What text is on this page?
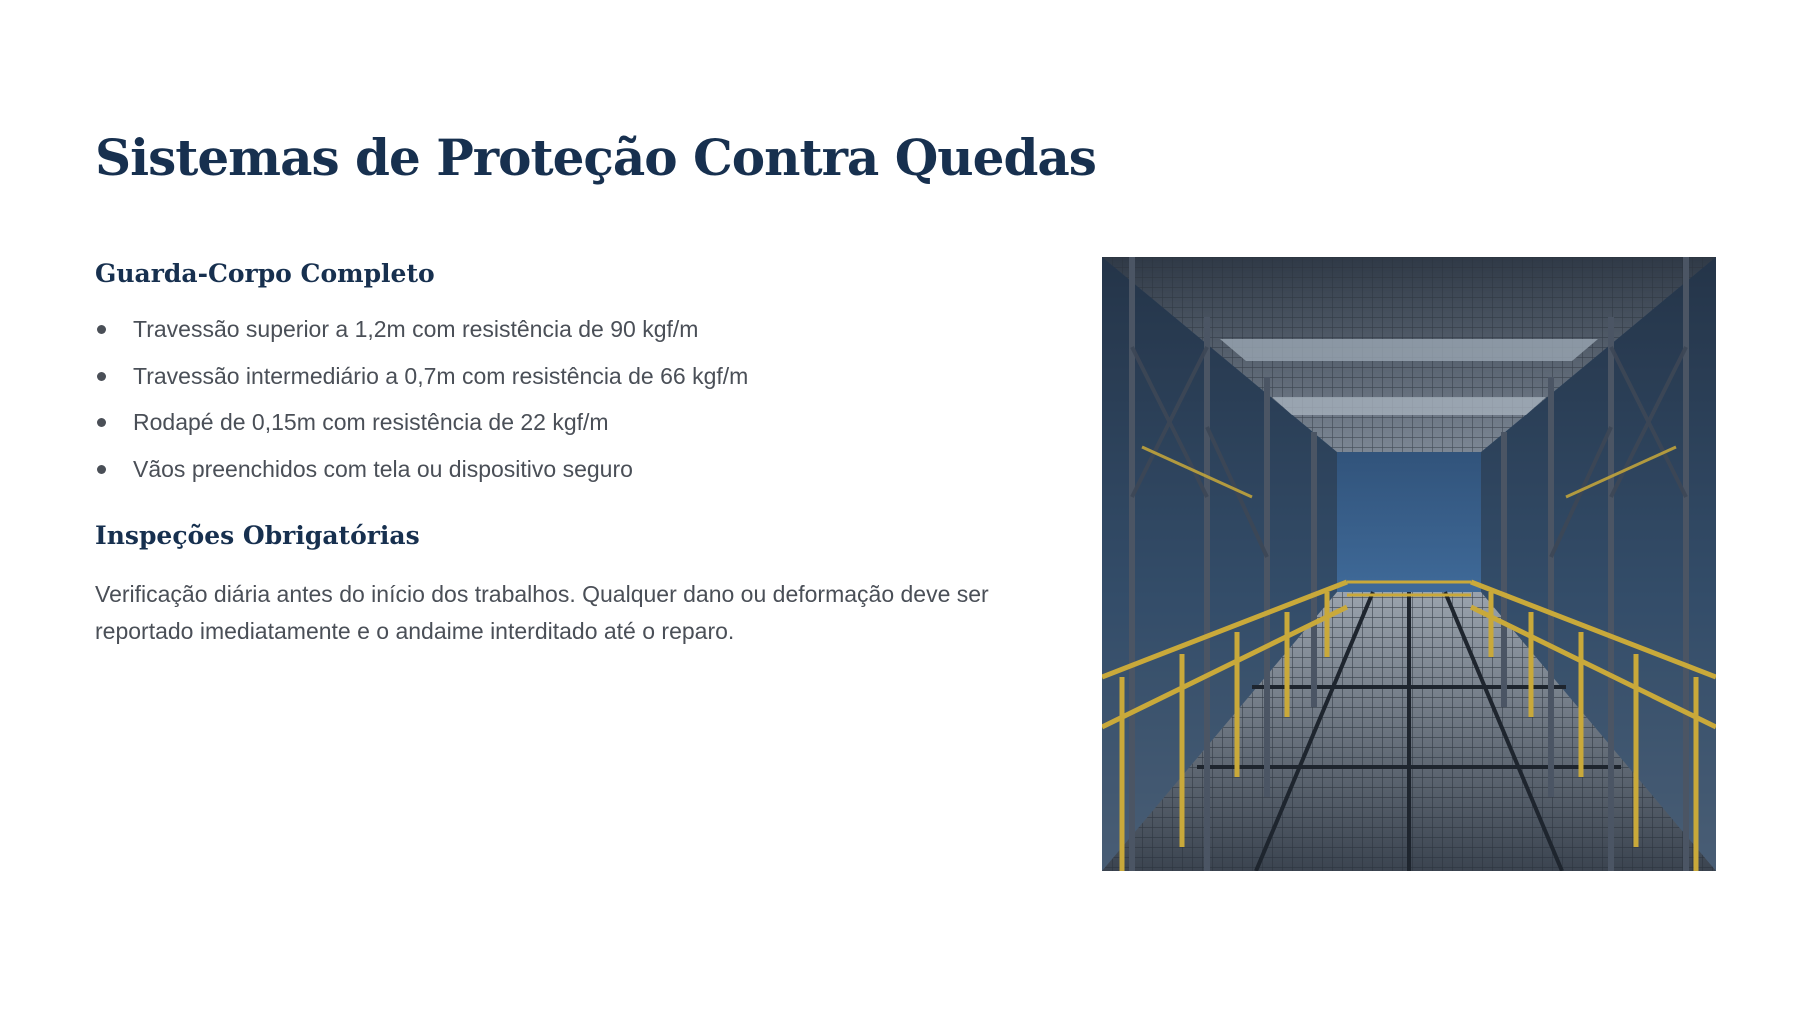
Sistemas de Proteção Contra Quedas
Guarda-Corpo Completo
Travessão superior a 1,2m com resistência de 90 kgf/m
Travessão intermediário a 0,7m com resistência de 66 kgf/m
Rodapé de 0,15m com resistência de 22 kgf/m
Vãos preenchidos com tela ou dispositivo seguro
Inspeções Obrigatórias

Verificação diária antes do início dos trabalhos. Qualquer dano ou deformação deve ser reportado imediatamente e o andaime interditado até o reparo.
